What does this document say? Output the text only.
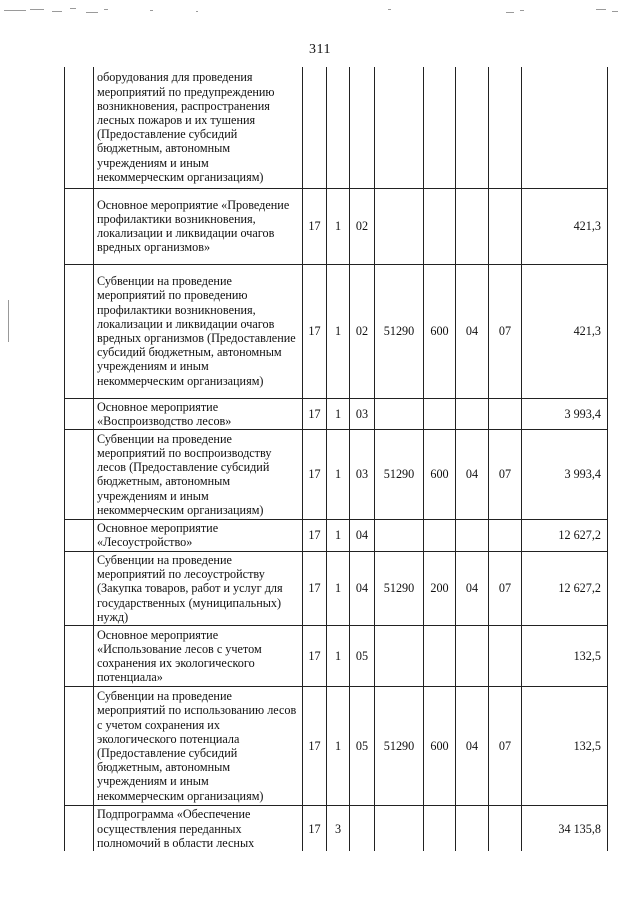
311
	оборудования для проведения мероприятий по предупреждению возникновения, распространения лесных пожаров и их тушения (Предоставление субсидий бюджетным, автономным учреждениям и иным некоммерческим организациям)								
	Основное мероприятие «Проведение профилактики возникновения, локализации и ликвидации очагов вредных организмов»	17	1	02					421,3
	Субвенции на проведение мероприятий по проведению профилактики возникновения, локализации и ликвидации очагов вредных организмов (Предоставление субсидий бюджетным, автономным учреждениям и иным некоммерческим организациям)	17	1	02	51290	600	04	07	421,3
	Основное мероприятие «Воспроизводство лесов»	17	1	03					3 993,4
	Субвенции на проведение мероприятий по воспроизводству лесов (Предоставление субсидий бюджетным, автономным учреждениям и иным некоммерческим организациям)	17	1	03	51290	600	04	07	3 993,4
	Основное мероприятие «Лесоустройство»	17	1	04					12 627,2
	Субвенции на проведение мероприятий по лесоустройству (Закупка товаров, работ и услуг для государственных (муниципальных) нужд)	17	1	04	51290	200	04	07	12 627,2
	Основное мероприятие «Использование лесов с учетом сохранения их экологического потенциала»	17	1	05					132,5
	Субвенции на проведение мероприятий по использованию лесов с учетом сохранения их экологического потенциала (Предоставление субсидий бюджетным, автономным учреждениям и иным некоммерческим организациям)	17	1	05	51290	600	04	07	132,5
	Подпрограмма «Обеспечение осуществления переданных полномочий в области лесных	17	3						34 135,8
